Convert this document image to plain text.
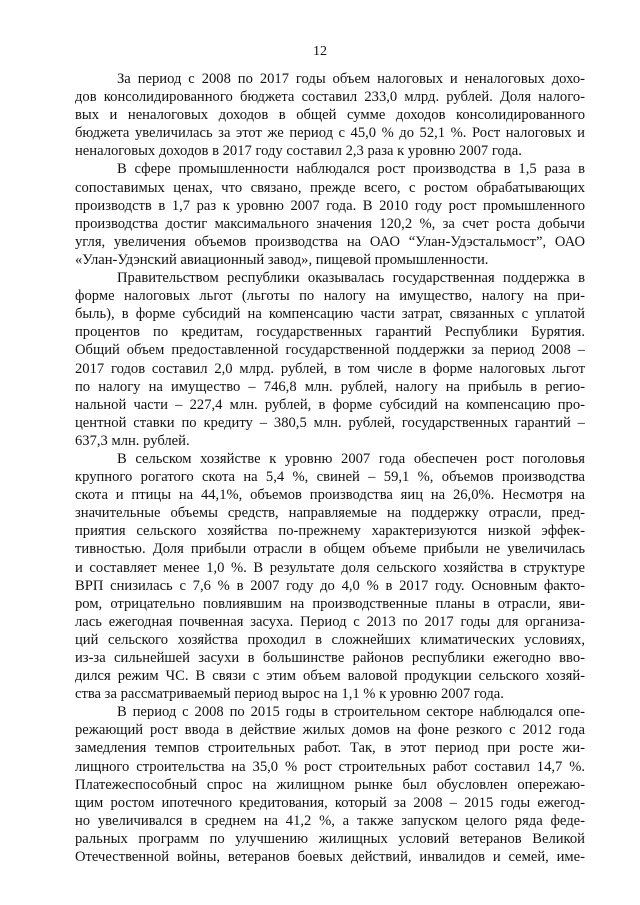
12
За период с 2008 по 2017 годы объем налоговых и неналоговых дохо-
дов консолидированного бюджета составил 233,0 млрд. рублей. Доля налого-
вых и неналоговых доходов в общей сумме доходов консолидированного
бюджета увеличилась за этот же период с 45,0 % до 52,1 %. Рост налоговых и
неналоговых доходов в 2017 году составил 2,3 раза к уровню 2007 года.
В сфере промышленности наблюдался рост производства в 1,5 раза в
сопоставимых ценах, что связано, прежде всего, с ростом обрабатывающих
производств в 1,7 раз к уровню 2007 года. В 2010 году рост промышленного
производства достиг максимального значения 120,2 %, за счет роста добычи
угля, увеличения объемов производства на ОАО “Улан-Удэстальмост”, ОАО
«Улан-Удэнский авиационный завод», пищевой промышленности.
Правительством республики оказывалась государственная поддержка в
форме налоговых льгот (льготы по налогу на имущество, налогу на при-
быль), в форме субсидий на компенсацию части затрат, связанных с уплатой
процентов по кредитам, государственных гарантий Республики Бурятия.
Общий объем предоставленной государственной поддержки за период 2008 –
2017 годов составил 2,0 млрд. рублей, в том числе в форме налоговых льгот
по налогу на имущество – 746,8 млн. рублей, налогу на прибыль в регио-
нальной части – 227,4 млн. рублей, в форме субсидий на компенсацию про-
центной ставки по кредиту – 380,5 млн. рублей, государственных гарантий –
637,3 млн. рублей.
В сельском хозяйстве к уровню 2007 года обеспечен рост поголовья
крупного рогатого скота на 5,4 %, свиней – 59,1 %, объемов производства
скота и птицы на 44,1%, объемов производства яиц на 26,0%. Несмотря на
значительные объемы средств, направляемые на поддержку отрасли, пред-
приятия сельского хозяйства по-прежнему характеризуются низкой эффек-
тивностью. Доля прибыли отрасли в общем объеме прибыли не увеличилась
и составляет менее 1,0 %. В результате доля сельского хозяйства в структуре
ВРП снизилась с 7,6 % в 2007 году до 4,0 % в 2017 году. Основным факто-
ром, отрицательно повлиявшим на производственные планы в отрасли, яви-
лась ежегодная почвенная засуха. Период с 2013 по 2017 годы для организа-
ций сельского хозяйства проходил в сложнейших климатических условиях,
из-за сильнейшей засухи в большинстве районов республики ежегодно вво-
дился режим ЧС. В связи с этим объем валовой продукции сельского хозяй-
ства за рассматриваемый период вырос на 1,1 % к уровню 2007 года.
В период с 2008 по 2015 годы в строительном секторе наблюдался опе-
режающий рост ввода в действие жилых домов на фоне резкого с 2012 года
замедления темпов строительных работ. Так, в этот период при росте жи-
лищного строительства на 35,0 % рост строительных работ составил 14,7 %.
Платежеспособный спрос на жилищном рынке был обусловлен опережаю-
щим ростом ипотечного кредитования, который за 2008 – 2015 годы ежегод-
но увеличивался в среднем на 41,2 %, а также запуском целого ряда феде-
ральных программ по улучшению жилищных условий ветеранов Великой
Отечественной войны, ветеранов боевых действий, инвалидов и семей, име-
